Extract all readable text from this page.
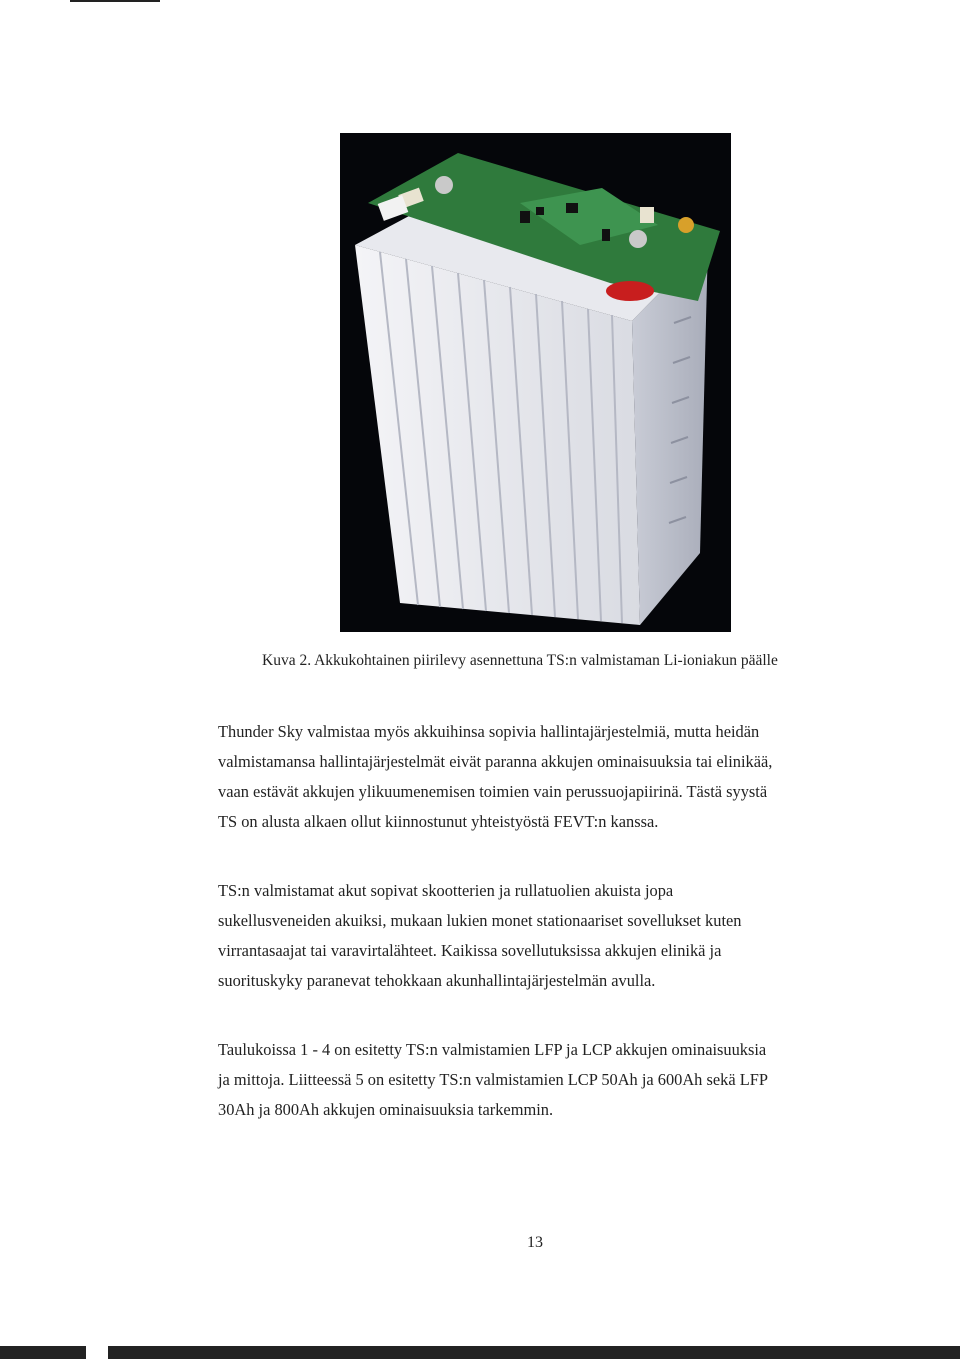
Kuva 2. Akkukohtainen piirilevy asennettuna TS:n valmistaman Li-ioniakun päälle

Thunder Sky valmistaa myös akkuihinsa sopivia hallintajärjestelmiä, mutta heidän
valmistamansa hallintajärjestelmät eivät paranna akkujen ominaisuuksia tai elinikää,
vaan estävät akkujen ylikuumenemisen toimien vain perussuojapiirinä. Tästä syystä
TS on alusta alkaen ollut kiinnostunut yhteistyöstä FEVT:n kanssa.

TS:n valmistamat akut sopivat skootterien ja rullatuolien akuista jopa
sukellusveneiden akuiksi, mukaan lukien monet stationaariset sovellukset kuten
virrantasaajat tai varavirtalähteet. Kaikissa sovellutuksissa akkujen elinikä ja
suorituskyky paranevat tehokkaan akunhallintajärjestelmän avulla.

Taulukoissa 1 - 4 on esitetty TS:n valmistamien LFP ja LCP akkujen ominaisuuksia
ja mittoja. Liitteessä 5 on esitetty TS:n valmistamien LCP 50Ah ja 600Ah sekä LFP
30Ah ja 800Ah akkujen ominaisuuksia tarkemmin.

13
